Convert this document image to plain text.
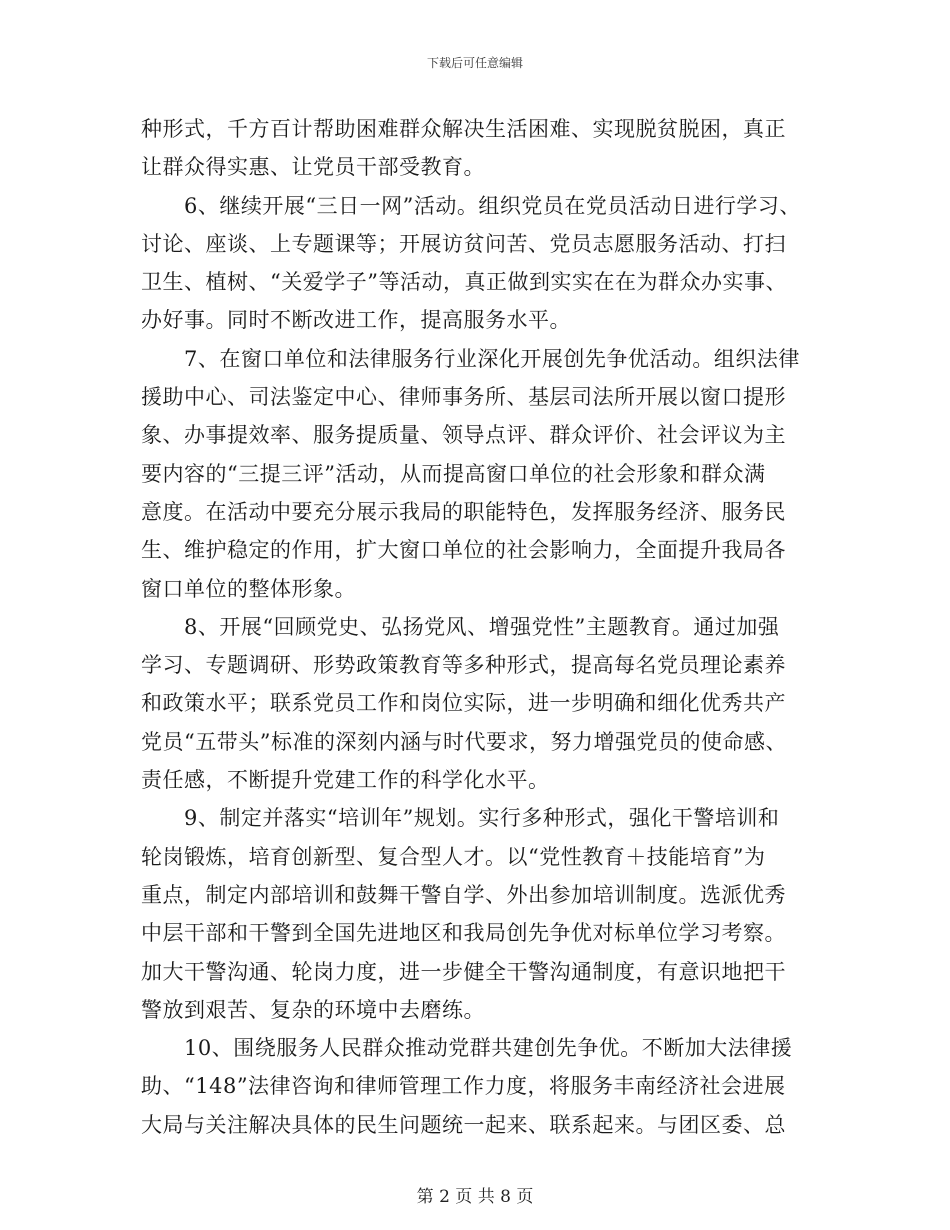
下载后可任意编辑
种形式，千方百计帮助困难群众解决生活困难、实现脱贫脱困，真正
让群众得实惠、让党员干部受教育。
　　6、继续开展“三日一网”活动。组织党员在党员活动日进行学习、
讨论、座谈、上专题课等；开展访贫问苦、党员志愿服务活动、打扫
卫生、植树、“关爱学子”等活动，真正做到实实在在为群众办实事、
办好事。同时不断改进工作，提高服务水平。
　　7、在窗口单位和法律服务行业深化开展创先争优活动。组织法律
援助中心、司法鉴定中心、律师事务所、基层司法所开展以窗口提形
象、办事提效率、服务提质量、领导点评、群众评价、社会评议为主
要内容的“三提三评”活动，从而提高窗口单位的社会形象和群众满
意度。在活动中要充分展示我局的职能特色，发挥服务经济、服务民
生、维护稳定的作用，扩大窗口单位的社会影响力，全面提升我局各
窗口单位的整体形象。
　　8、开展“回顾党史、弘扬党风、增强党性”主题教育。通过加强
学习、专题调研、形势政策教育等多种形式，提高每名党员理论素养
和政策水平；联系党员工作和岗位实际，进一步明确和细化优秀共产
党员“五带头”标准的深刻内涵与时代要求，努力增强党员的使命感、
责任感，不断提升党建工作的科学化水平。
　　9、制定并落实“培训年”规划。实行多种形式，强化干警培训和
轮岗锻炼，培育创新型、复合型人才。以“党性教育＋技能培育”为
重点，制定内部培训和鼓舞干警自学、外出参加培训制度。选派优秀
中层干部和干警到全国先进地区和我局创先争优对标单位学习考察。
加大干警沟通、轮岗力度，进一步健全干警沟通制度，有意识地把干
警放到艰苦、复杂的环境中去磨练。
　　10、围绕服务人民群众推动党群共建创先争优。不断加大法律援
助、“148”法律咨询和律师管理工作力度，将服务丰南经济社会进展
大局与关注解决具体的民生问题统一起来、联系起来。与团区委、总
第 2 页 共 8 页
